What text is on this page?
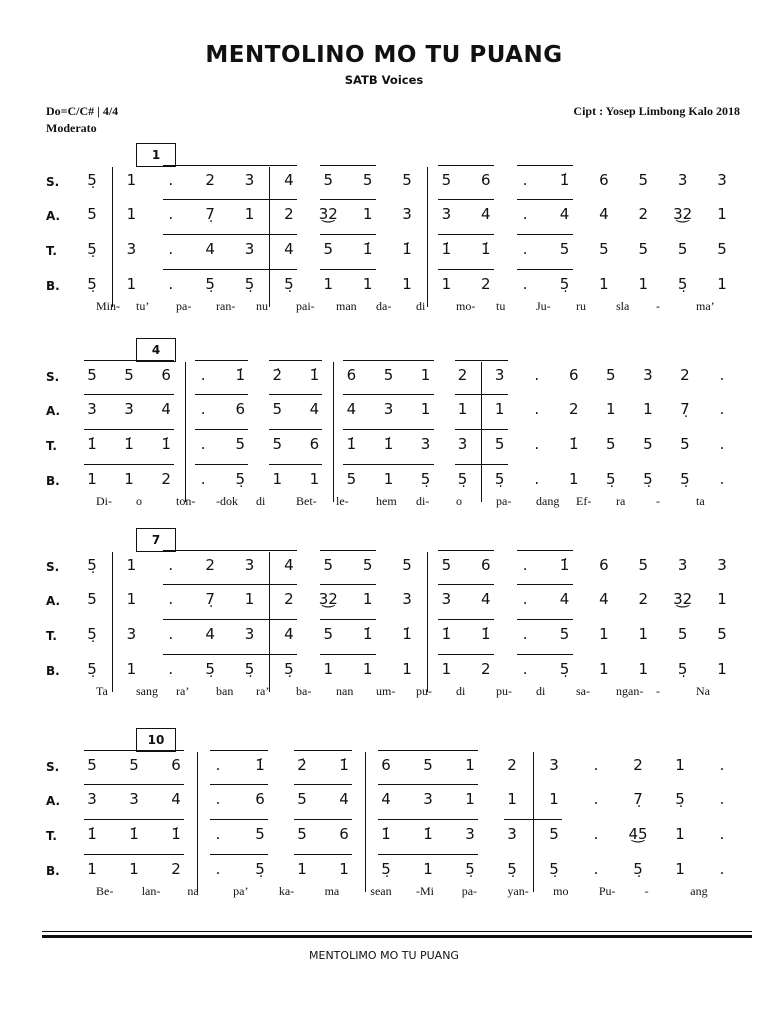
MENTOLINO MO TU PUANG
SATB Voices
Do=C/C# | 4/4
Moderato
Cipt : Yosep Limbong Kalo 2018
1
S.	5̣	1	.	2	3	4	5	5	5	5	6	.	1̇	6	5	3	3
A.	5	1	.	7̣	1	2	3͜2	1	3	3	4	.	4	4	2	3͜2	1
T.	5̣	3	.	4	3	4	5	1̇	1̇	1̇	1̇	.	5	5	5	5	5
B.	5̣	1	.	5̣	5̣	5̣	1	1	1	1	2	.	5̣	1	1	5̣	1
Min- tu’ pa- ran- nu pai- man da- di	mo- tu	Ju- ru	sla -	ma’
4
S.	5	5	6	.	1̇	2̇	1̇	6	5	1	2	3	.	6	5	3	2	.
A.	3	3	4	.	6	5	4	4	3	1	1	1	.	2	1	1	7̣	.
T.	1̇	1̇	1̇	.	5	5	6	1̇	1̇	3	3	5	.	1̇	5	5	5	.
B.	1	1	2	.	5̣	1	1	5	1	5̣	5̣	5̣	.	1	5̣	5̣	5̣	.
Di- o	ton- -dok di	Bet- le- hem di- o	pa- dang Ef- ra	-	ta
7
S.	5̣	1	.	2	3	4	5	5	5	5	6	.	1̇	6	5	3	3
A.	5	1	.	7̣	1	2	3͜2	1	3	3	4	.	4	4	2	3͜2	1
T.	5̣	3	.	4	3	4	5	1̇	1̇	1̇	1̇	.	5	1	1	5	5
B.	5̣	1	.	5̣	5̣	5̣	1	1	1	1	2	.	5̣	1	1	5̣	1
Ta sang ra’ ban ra’ ba- nan um- pu- di	pu- di	sa- ngan- -	Na
10
S.	5	5	6	.	1̇	2̇	1̇	6	5	1	2	3	.	2	1	.
A.	3	3	4	.	6	5	4	4	3	1	1	1	.	7̣	5̣	.
T.	1̇	1̇	1̇	.	5	5	6	1̇	1̇	3	3	5	.	4͜5	1	.
B.	1	1	2	.	5̣	1	1	5̣	1	5̣	5̣	5̣	.	5̣	1	.
Be- lan- na	pa’	ka-	ma	sean -Mi pa-	yan- mo	Pu- -	ang
MENTOLIMO MO TU PUANG
